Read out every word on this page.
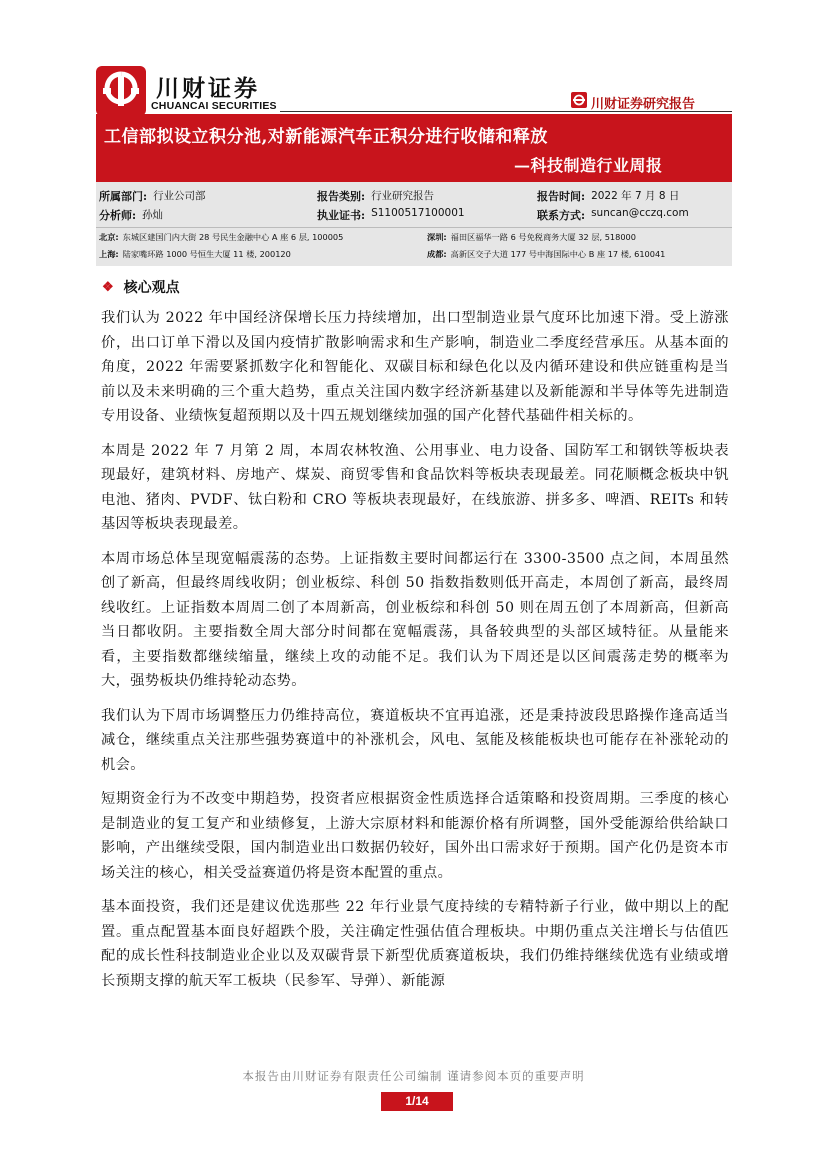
川财证券
CHUANCAI SECURITIES	川财证券研究报告
工信部拟设立积分池,对新能源汽车正积分进行收储和释放
—科技制造行业周报
所属部门: 行业公司部	报告类别: 行业研究报告	报告时间: 2022 年 7 月 8 日
分析师: 孙灿	执业证书: S1100517100001	联系方式: suncan@cczq.com
北京: 东城区建国门内大街 28 号民生金融中心 A 座 6 层, 100005	深圳: 福田区福华一路 6 号免税商务大厦 32 层, 518000
上海: 陆家嘴环路 1000 号恒生大厦 11 楼, 200120	成都: 高新区交子大道 177 号中海国际中心 B 座 17 楼, 610041
❖ 核心观点

我们认为 2022 年中国经济保增长压力持续增加，出口型制造业景气度环比加速下滑。受上游涨价，出口订单下滑以及国内疫情扩散影响需求和生产影响，制造业二季度经营承压。从基本面的角度，2022 年需要紧抓数字化和智能化、双碳目标和绿色化以及内循环建设和供应链重构是当前以及未来明确的三个重大趋势，重点关注国内数字经济新基建以及新能源和半导体等先进制造专用设备、业绩恢复超预期以及十四五规划继续加强的国产化替代基础件相关标的。

本周是 2022 年 7 月第 2 周，本周农林牧渔、公用事业、电力设备、国防军工和钢铁等板块表现最好，建筑材料、房地产、煤炭、商贸零售和食品饮料等板块表现最差。同花顺概念板块中钒电池、猪肉、PVDF、钛白粉和 CRO 等板块表现最好，在线旅游、拼多多、啤酒、REITs 和转基因等板块表现最差。

本周市场总体呈现宽幅震荡的态势。上证指数主要时间都运行在 3300-3500 点之间，本周虽然创了新高，但最终周线收阴；创业板综、科创 50 指数指数则低开高走，本周创了新高，最终周线收红。上证指数本周周二创了本周新高，创业板综和科创 50 则在周五创了本周新高，但新高当日都收阴。主要指数全周大部分时间都在宽幅震荡，具备较典型的头部区域特征。从量能来看，主要指数都继续缩量，继续上攻的动能不足。我们认为下周还是以区间震荡走势的概率为大，强势板块仍维持轮动态势。

我们认为下周市场调整压力仍维持高位，赛道板块不宜再追涨，还是秉持波段思路操作逢高适当减仓，继续重点关注那些强势赛道中的补涨机会，风电、氢能及核能板块也可能存在补涨轮动的机会。

短期资金行为不改变中期趋势，投资者应根据资金性质选择合适策略和投资周期。三季度的核心是制造业的复工复产和业绩修复，上游大宗原材料和能源价格有所调整，国外受能源给供给缺口影响，产出继续受限，国内制造业出口数据仍较好，国外出口需求好于预期。国产化仍是资本市场关注的核心，相关受益赛道仍将是资本配置的重点。

基本面投资，我们还是建议优选那些 22 年行业景气度持续的专精特新子行业，做中期以上的配置。重点配置基本面良好超跌个股，关注确定性强估值合理板块。中期仍重点关注增长与估值匹配的成长性科技制造业企业以及双碳背景下新型优质赛道板块，我们仍维持继续优选有业绩或增长预期支撑的航天军工板块（民参军、导弹）、新能源

本报告由川财证券有限责任公司编制 谨请参阅本页的重要声明
1/14
